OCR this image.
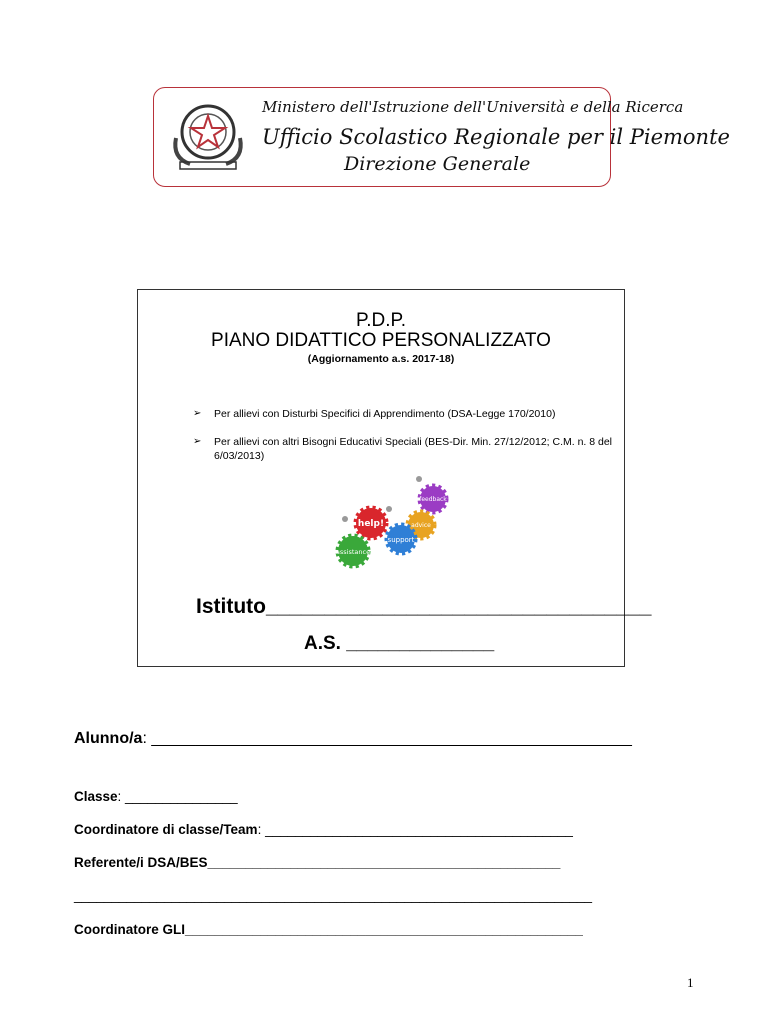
Ministero dell'Istruzione dell'Università e della Ricerca
Ufficio Scolastico Regionale per il Piemonte
Direzione Generale
P.D.P.
PIANO DIDATTICO PERSONALIZZATO
(Aggiornamento a.s. 2017-18)
➢ Per allievi con Disturbi Specifici di Apprendimento (DSA-Legge 170/2010)
➢ Per allievi con altri Bisogni Educativi Speciali (BES-Dir. Min. 27/12/2012; C.M. n. 8 del 6/03/2013)
feedback
advice
help!
support
assistance
Istituto_________________________________
A.S. ______________
Alunno/a: ______________________________________________________
Classe: _______________
Coordinatore di classe/Team: _________________________________________
Referente/i DSA/BES_______________________________________________
_____________________________________________________________________
Coordinatore GLI_____________________________________________________
1
